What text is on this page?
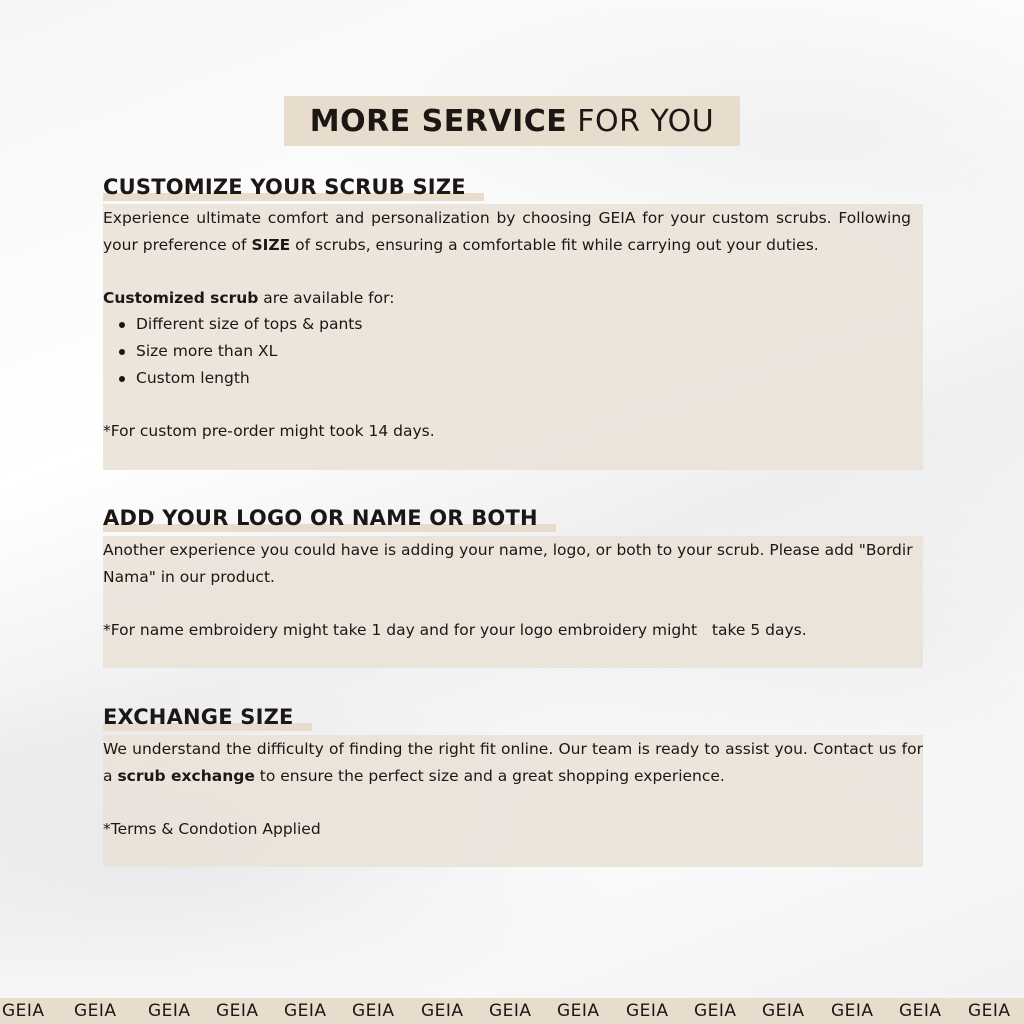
MORE SERVICE FOR YOU
CUSTOMIZE YOUR SCRUB SIZE

Experience ultimate comfort and personalization by choosing GEIA for your custom scrubs. Following your preference of SIZE of scrubs, ensuring a comfortable fit while carrying out your duties.

Customized scrub are available for:

Different size of tops & pants
Size more than XL
Custom length

*For custom pre-order might took 14 days.

ADD YOUR LOGO OR NAME OR BOTH

Another experience you could have is adding your name, logo, or both to your scrub. Please add "Bordir Nama" in our product.

*For name embroidery might take 1 day and for your logo embroidery might   take 5 days.

EXCHANGE SIZE

We understand the difficulty of finding the right fit online. Our team is ready to assist you. Contact us for a scrub exchange to ensure the perfect size and a great shopping experience.

*Terms & Condotion Applied

GEIA GEIA GEIA GEIA GEIA GEIA GEIA GEIA GEIA GEIA GEIA GEIA GEIA GEIA GEIA
